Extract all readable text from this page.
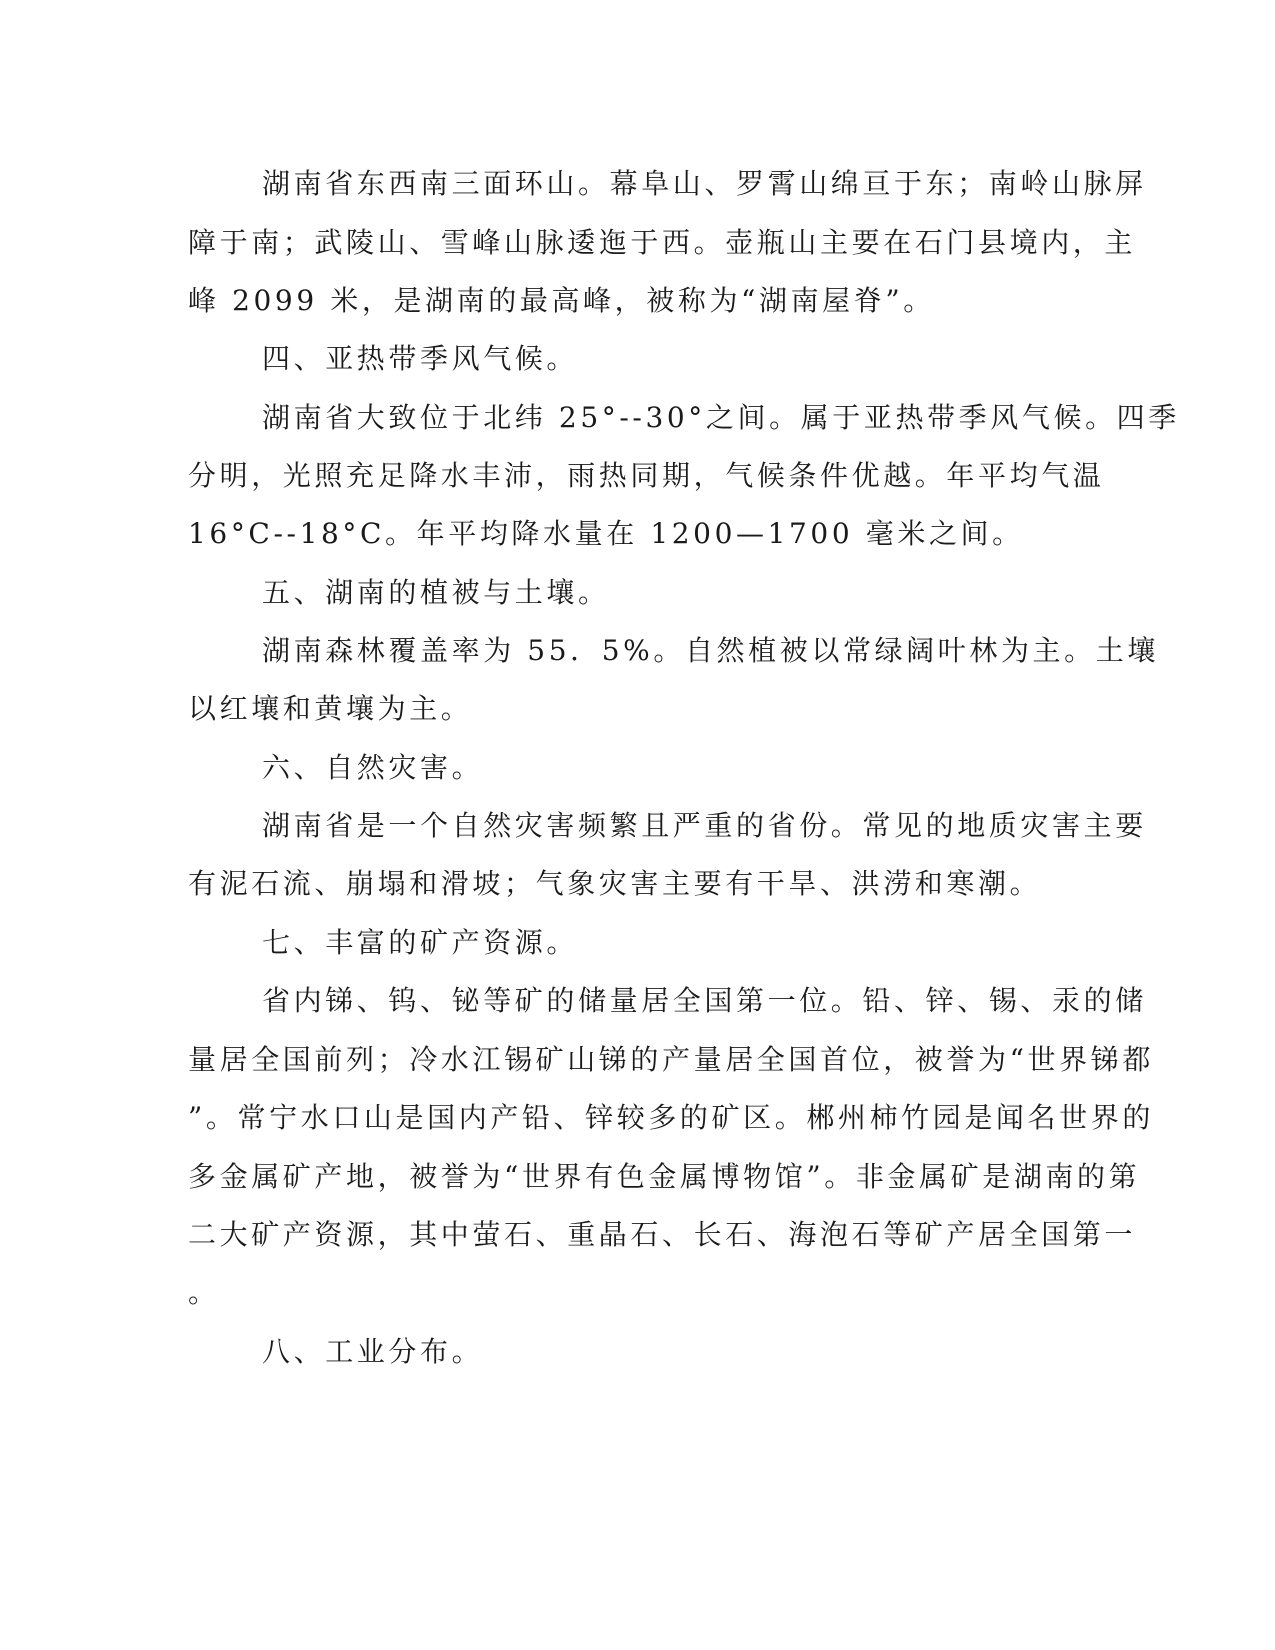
湖南省东西南三面环山。幕阜山、罗霄山绵亘于东；南岭山脉屏

障于南；武陵山、雪峰山脉逶迤于西。壶瓶山主要在石门县境内，主

峰 2099 米，是湖南的最高峰，被称为“湖南屋脊”。

四、亚热带季风气候。

湖南省大致位于北纬 25°--30°之间。属于亚热带季风气候。四季

分明，光照充足降水丰沛，雨热同期，气候条件优越。年平均气温

16°C--18°C。年平均降水量在 1200—1700 毫米之间。

五、湖南的植被与土壤。

湖南森林覆盖率为 55．5%。自然植被以常绿阔叶林为主。土壤

以红壤和黄壤为主。

六、自然灾害。

湖南省是一个自然灾害频繁且严重的省份。常见的地质灾害主要

有泥石流、崩塌和滑坡；气象灾害主要有干旱、洪涝和寒潮。

七、丰富的矿产资源。

省内锑、钨、铋等矿的储量居全国第一位。铅、锌、锡、汞的储

量居全国前列；冷水江锡矿山锑的产量居全国首位，被誉为“世界锑都

”。常宁水口山是国内产铅、锌较多的矿区。郴州柿竹园是闻名世界的

多金属矿产地，被誉为“世界有色金属博物馆”。非金属矿是湖南的第

二大矿产资源，其中萤石、重晶石、长石、海泡石等矿产居全国第一

。

八、工业分布。
